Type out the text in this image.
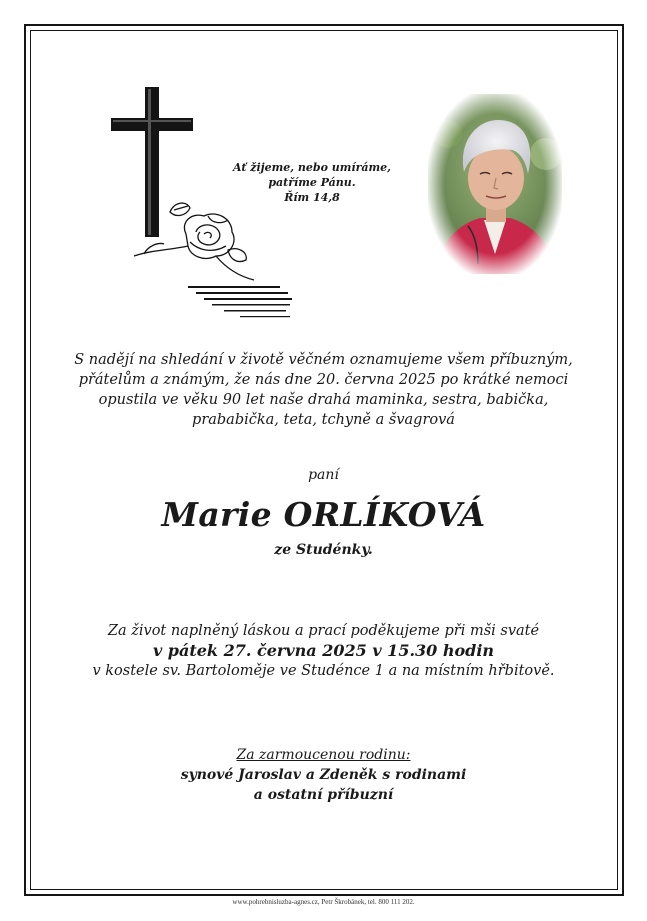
Ať žijeme, nebo umíráme,
patříme Pánu.
Řím 14,8
S nadějí na shledání v životě věčném oznamujeme všem příbuzným,
přátelům a známým, že nás dne 20. června 2025 po krátké nemoci
opustila ve věku 90 let naše drahá maminka, sestra, babička,
prababička, teta, tchyně a švagrová
paní
Marie ORLÍKOVÁ
ze Studénky.
Za život naplněný láskou a prací poděkujeme při mši svaté
v pátek 27. června 2025 v 15.30 hodin
v kostele sv. Bartoloměje ve Studénce 1 a na místním hřbitově.
Za zarmoucenou rodinu:
synové Jaroslav a Zdeněk s rodinami
a ostatní příbuzní
www.pohrebnisluzba-agnes.cz, Petr Škrobánek, tel. 800 111 202.
